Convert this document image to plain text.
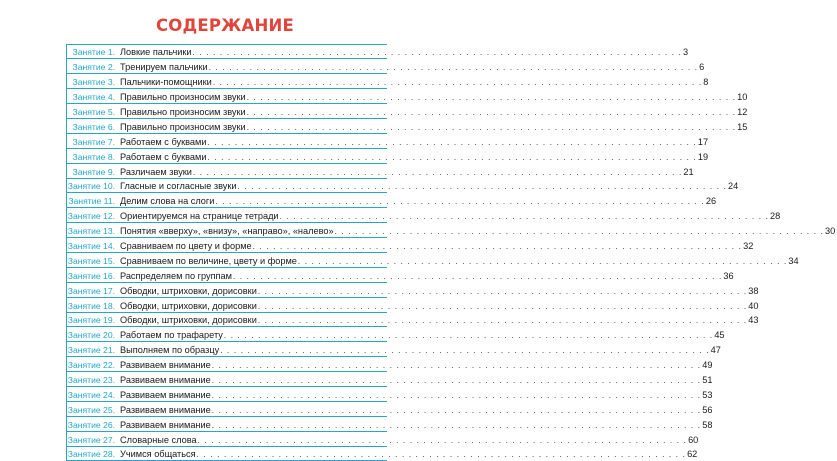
СОДЕРЖАНИЕ
Занятие 1. Ловкие пальчики . . . . . . . . . . . . . . . . . . . . . . . . . . . . . . . . . . . . . . . . . . . . . . . . . . . . . . . . . . . . . . . . . . . . . . . . 3
Занятие 2. Тренируем пальчики . . . . . . . . . . . . . . . . . . . . . . . . . . . . . . . . . . . . . . . . . . . . . . . . . . . . . . . . . . . . . . . . . . . . . . . . 6
Занятие 3. Пальчики-помощники . . . . . . . . . . . . . . . . . . . . . . . . . . . . . . . . . . . . . . . . . . . . . . . . . . . . . . . . . . . . . . . . . . . . . . . . 8
Занятие 4. Правильно произносим звуки . . . . . . . . . . . . . . . . . . . . . . . . . . . . . . . . . . . . . . . . . . . . . . . . . . . . . . . . . . . . . . . . . . . . . . . . 10
Занятие 5. Правильно произносим звуки . . . . . . . . . . . . . . . . . . . . . . . . . . . . . . . . . . . . . . . . . . . . . . . . . . . . . . . . . . . . . . . . . . . . . . . . 12
Занятие 6. Правильно произносим звуки . . . . . . . . . . . . . . . . . . . . . . . . . . . . . . . . . . . . . . . . . . . . . . . . . . . . . . . . . . . . . . . . . . . . . . . . 15
Занятие 7. Работаем с буквами . . . . . . . . . . . . . . . . . . . . . . . . . . . . . . . . . . . . . . . . . . . . . . . . . . . . . . . . . . . . . . . . . . . . . . . . 17
Занятие 8. Работаем с буквами . . . . . . . . . . . . . . . . . . . . . . . . . . . . . . . . . . . . . . . . . . . . . . . . . . . . . . . . . . . . . . . . . . . . . . . . 19
Занятие 9. Различаем звуки . . . . . . . . . . . . . . . . . . . . . . . . . . . . . . . . . . . . . . . . . . . . . . . . . . . . . . . . . . . . . . . . . . . . . . . . 21
Занятие 10. Гласные и согласные звуки . . . . . . . . . . . . . . . . . . . . . . . . . . . . . . . . . . . . . . . . . . . . . . . . . . . . . . . . . . . . . . . . . . . . . . . . 24
Занятие 11. Делим слова на слоги . . . . . . . . . . . . . . . . . . . . . . . . . . . . . . . . . . . . . . . . . . . . . . . . . . . . . . . . . . . . . . . . . . . . . . . . 26
Занятие 12. Ориентируемся на странице тетради . . . . . . . . . . . . . . . . . . . . . . . . . . . . . . . . . . . . . . . . . . . . . . . . . . . . . . . . . . . . . . . . . . . . . . . . 28
Занятие 13. Понятия «вверху», «внизу», «направо», «налево» . . . . . . . . . . . . . . . . . . . . . . . . . . . . . . . . . . . . . . . . . . . . . . . . . . . . . . . . . . . . . . . . . . . . . . . . 30
Занятие 14. Сравниваем по цвету и форме . . . . . . . . . . . . . . . . . . . . . . . . . . . . . . . . . . . . . . . . . . . . . . . . . . . . . . . . . . . . . . . . . . . . . . . . 32
Занятие 15. Сравниваем по величине, цвету и форме . . . . . . . . . . . . . . . . . . . . . . . . . . . . . . . . . . . . . . . . . . . . . . . . . . . . . . . . . . . . . . . . . . . . . . . . 34
Занятие 16. Распределяем по группам . . . . . . . . . . . . . . . . . . . . . . . . . . . . . . . . . . . . . . . . . . . . . . . . . . . . . . . . . . . . . . . . . . . . . . . . 36
Занятие 17. Обводки, штриховки, дорисовки . . . . . . . . . . . . . . . . . . . . . . . . . . . . . . . . . . . . . . . . . . . . . . . . . . . . . . . . . . . . . . . . . . . . . . . . 38
Занятие 18. Обводки, штриховки, дорисовки . . . . . . . . . . . . . . . . . . . . . . . . . . . . . . . . . . . . . . . . . . . . . . . . . . . . . . . . . . . . . . . . . . . . . . . . 40
Занятие 19. Обводки, штриховки, дорисовки . . . . . . . . . . . . . . . . . . . . . . . . . . . . . . . . . . . . . . . . . . . . . . . . . . . . . . . . . . . . . . . . . . . . . . . . 43
Занятие 20. Работаем по трафарету . . . . . . . . . . . . . . . . . . . . . . . . . . . . . . . . . . . . . . . . . . . . . . . . . . . . . . . . . . . . . . . . . . . . . . . . 45
Занятие 21. Выполняем по образцу . . . . . . . . . . . . . . . . . . . . . . . . . . . . . . . . . . . . . . . . . . . . . . . . . . . . . . . . . . . . . . . . . . . . . . . . 47
Занятие 22. Развиваем внимание . . . . . . . . . . . . . . . . . . . . . . . . . . . . . . . . . . . . . . . . . . . . . . . . . . . . . . . . . . . . . . . . . . . . . . . . 49
Занятие 23. Развиваем внимание . . . . . . . . . . . . . . . . . . . . . . . . . . . . . . . . . . . . . . . . . . . . . . . . . . . . . . . . . . . . . . . . . . . . . . . . 51
Занятие 24. Развиваем внимание . . . . . . . . . . . . . . . . . . . . . . . . . . . . . . . . . . . . . . . . . . . . . . . . . . . . . . . . . . . . . . . . . . . . . . . . 53
Занятие 25. Развиваем внимание . . . . . . . . . . . . . . . . . . . . . . . . . . . . . . . . . . . . . . . . . . . . . . . . . . . . . . . . . . . . . . . . . . . . . . . . 56
Занятие 26. Развиваем внимание . . . . . . . . . . . . . . . . . . . . . . . . . . . . . . . . . . . . . . . . . . . . . . . . . . . . . . . . . . . . . . . . . . . . . . . . 58
Занятие 27. Словарные слова . . . . . . . . . . . . . . . . . . . . . . . . . . . . . . . . . . . . . . . . . . . . . . . . . . . . . . . . . . . . . . . . . . . . . . . . 60
Занятие 28. Учимся общаться . . . . . . . . . . . . . . . . . . . . . . . . . . . . . . . . . . . . . . . . . . . . . . . . . . . . . . . . . . . . . . . . . . . . . . . . 62
